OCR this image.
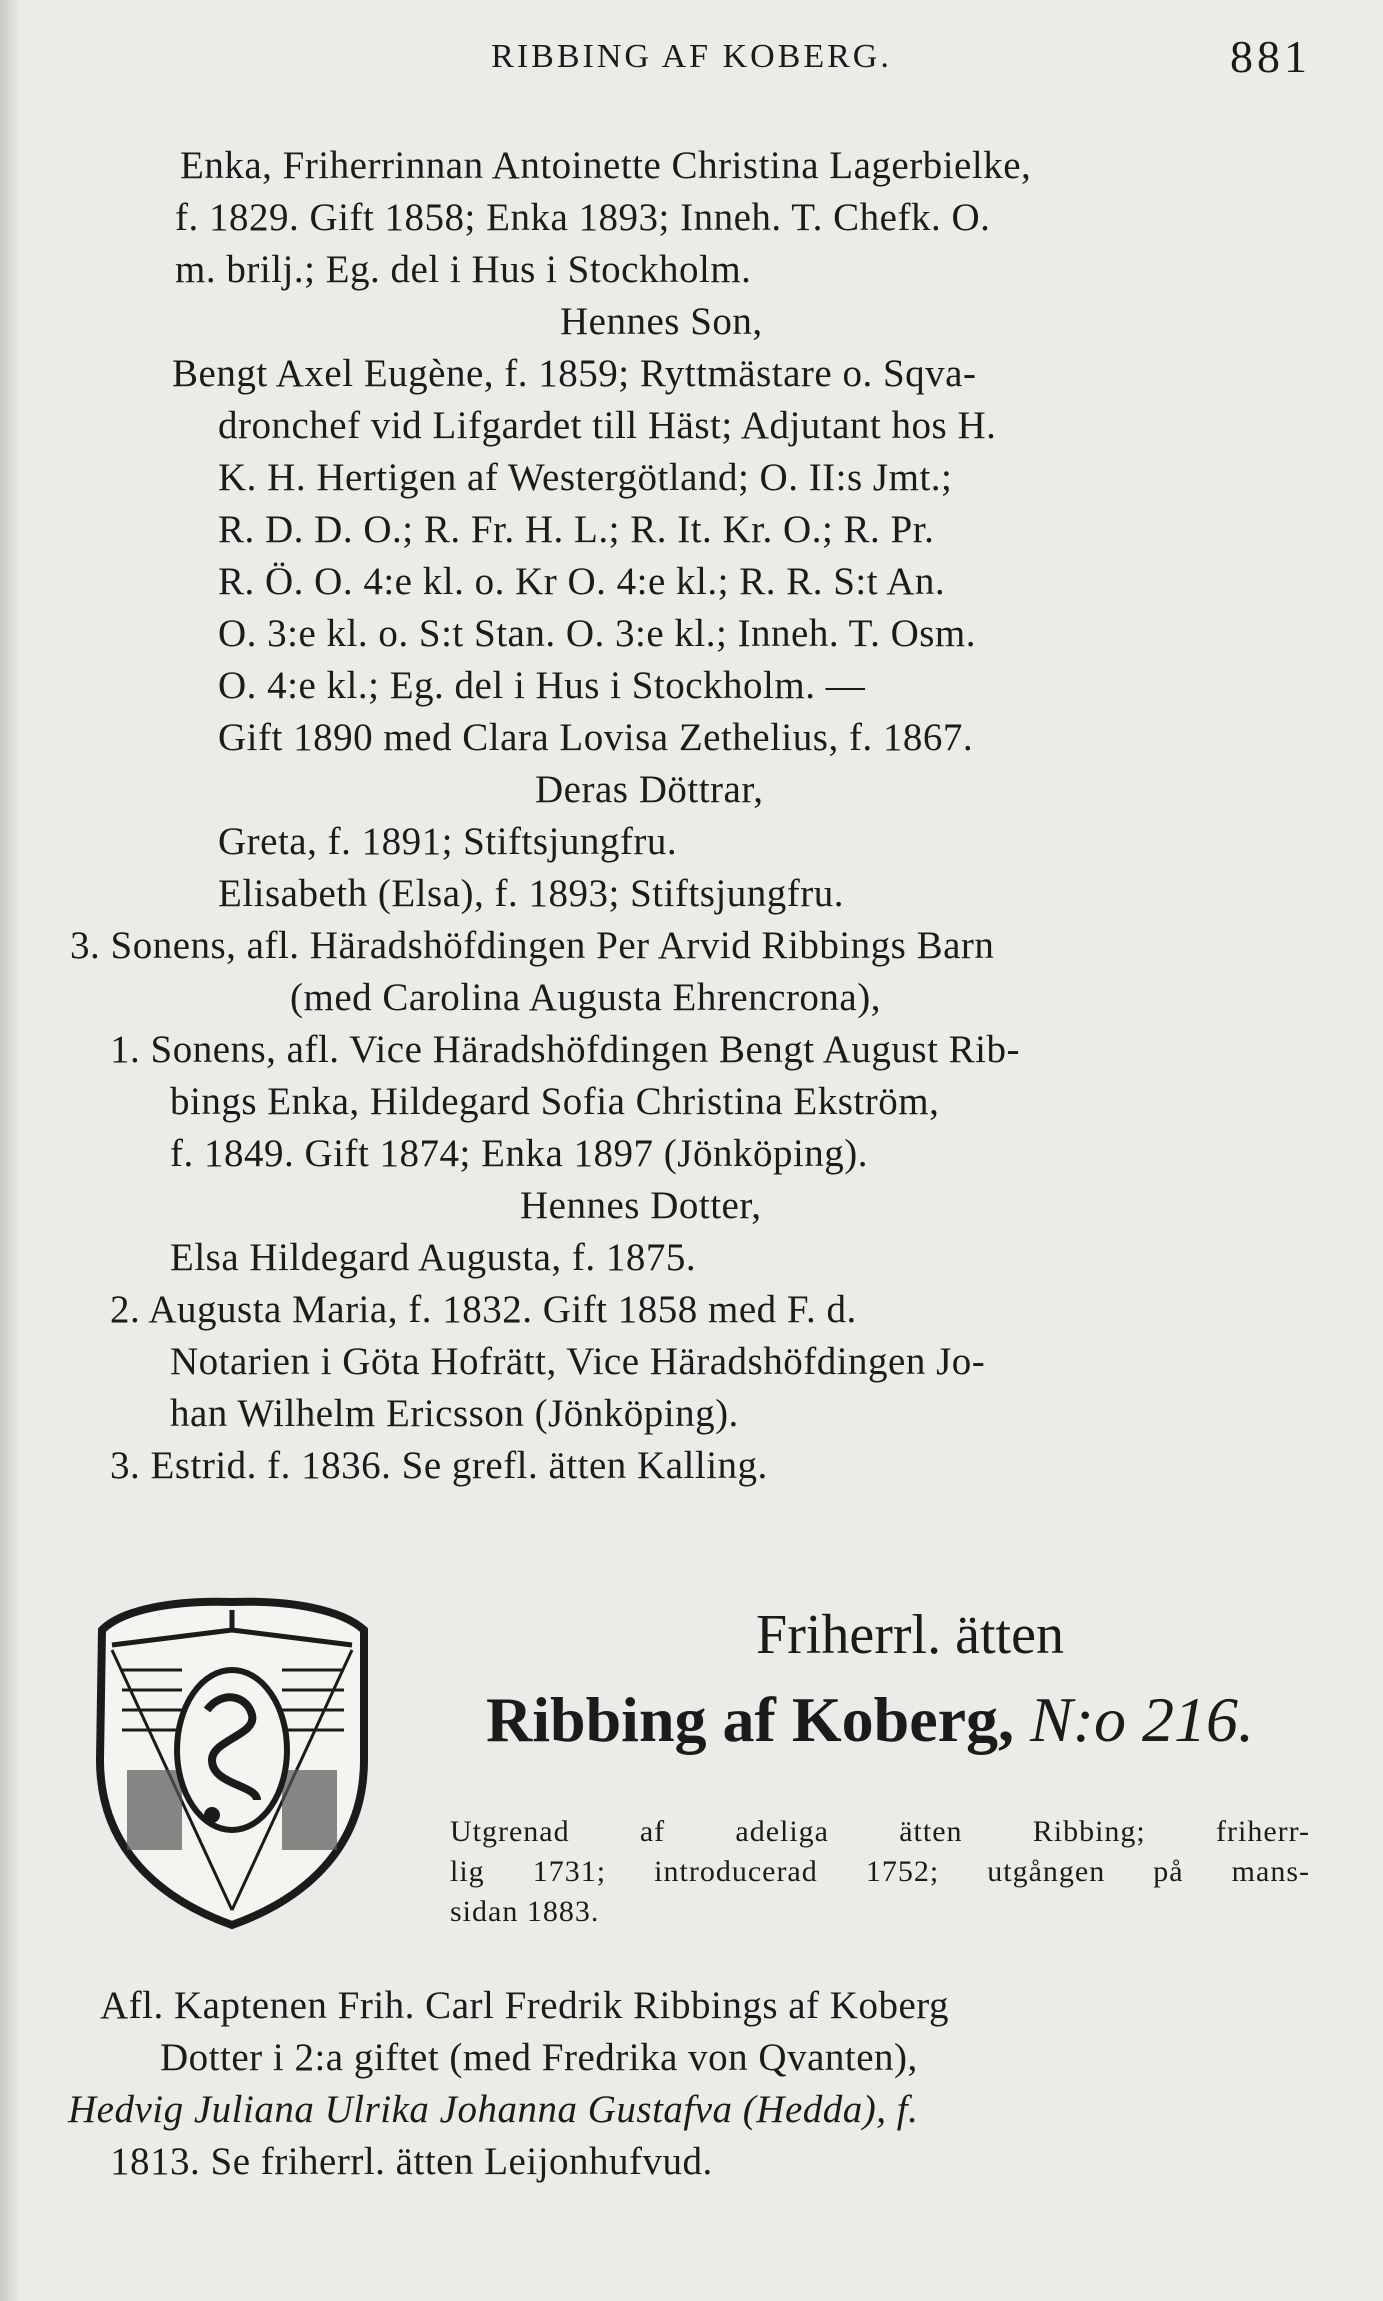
RIBBING AF KOBERG.	881
Enka, Friherrinnan Antoinette Christina Lagerbielke,
f. 1829. Gift 1858; Enka 1893; Inneh. T. Chefk. O.
m. brilj.; Eg. del i Hus i Stockholm.
Hennes Son,
Bengt Axel Eugène, f. 1859; Ryttmästare o. Sqva-
dronchef vid Lifgardet till Häst; Adjutant hos H.
K. H. Hertigen af Westergötland; O. II:s Jmt.;
R. D. D. O.; R. Fr. H. L.; R. It. Kr. O.; R. Pr.
R. Ö. O. 4:e kl. o. Kr O. 4:e kl.; R. R. S:t An.
O. 3:e kl. o. S:t Stan. O. 3:e kl.; Inneh. T. Osm.
O. 4:e kl.; Eg. del i Hus i Stockholm. —
Gift 1890 med Clara Lovisa Zethelius, f. 1867.
Deras Döttrar,
Greta, f. 1891; Stiftsjungfru.
Elisabeth (Elsa), f. 1893; Stiftsjungfru.
3. Sonens, afl. Häradshöfdingen Per Arvid Ribbings Barn
(med Carolina Augusta Ehrencrona),
1. Sonens, afl. Vice Häradshöfdingen Bengt August Rib-
bings Enka, Hildegard Sofia Christina Ekström,
f. 1849. Gift 1874; Enka 1897 (Jönköping).
Hennes Dotter,
Elsa Hildegard Augusta, f. 1875.
2. Augusta Maria, f. 1832. Gift 1858 med F. d.
Notarien i Göta Hofrätt, Vice Häradshöfdingen Jo-
han Wilhelm Ericsson (Jönköping).
3. Estrid. f. 1836. Se grefl. ätten Kalling.
Friherrl. ätten
Ribbing af Koberg, N:o 216.
Utgrenad af adeliga ätten Ribbing; friherr-
lig 1731; introducerad 1752; utgången på mans-
sidan 1883.
Afl. Kaptenen Frih. Carl Fredrik Ribbings af Koberg
Dotter i 2:a giftet (med Fredrika von Qvanten),
Hedvig Juliana Ulrika Johanna Gustafva (Hedda), f.
1813. Se friherrl. ätten Leijonhufvud.
